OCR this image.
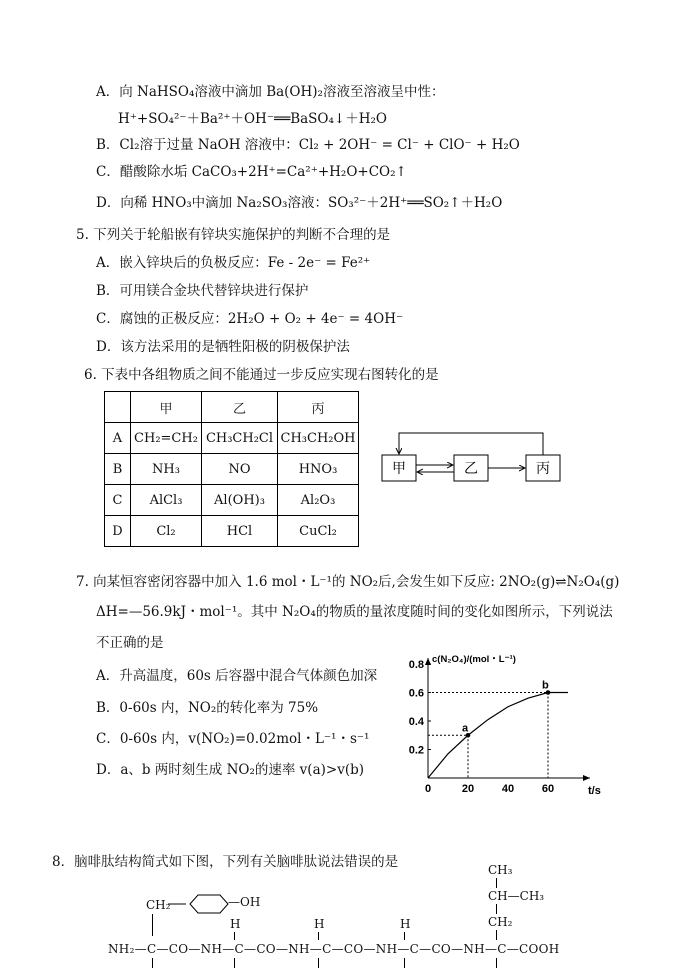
A．向 NaHSO₄溶液中滴加 Ba(OH)₂溶液至溶液呈中性：
H⁺+SO₄²⁻＋Ba²⁺＋OH⁻══BaSO₄↓＋H₂O
B．Cl₂溶于过量 NaOH 溶液中：Cl₂ + 2OH⁻ = Cl⁻ + ClO⁻ + H₂O
C．醋酸除水垢 CaCO₃+2H⁺=Ca²⁺+H₂O+CO₂↑
D．向稀 HNO₃中滴加 Na₂SO₃溶液：SO₃²⁻＋2H⁺══SO₂↑＋H₂O
5. 下列关于轮船嵌有锌块实施保护的判断不合理的是
A．嵌入锌块后的负极反应：Fe - 2e⁻ = Fe²⁺
B．可用镁合金块代替锌块进行保护
C．腐蚀的正极反应：2H₂O + O₂ + 4e⁻ = 4OH⁻
D．该方法采用的是牺牲阳极的阴极保护法
6. 下表中各组物质之间不能通过一步反应实现右图转化的是
	甲	乙	丙
A	CH₂=CH₂	CH₃CH₂Cl	CH₃CH₂OH
B	NH₃	NO	HNO₃
C	AlCl₃	Al(OH)₃	Al₂O₃
D	Cl₂	HCl	CuCl₂
甲	乙	丙
7. 向某恒容密闭容器中加入 1.6 mol・L⁻¹的 NO₂后,会发生如下反应: 2NO₂(g)⇌N₂O₄(g)
ΔH=—56.9kJ・mol⁻¹。其中 N₂O₄的物质的量浓度随时间的变化如图所示，下列说法
不正确的是
A．升高温度，60s 后容器中混合气体颜色加深
B．0-60s 内，NO₂的转化率为 75%
C．0-60s 内，v(NO₂)=0.02mol・L⁻¹・s⁻¹
D．a、b 两时刻生成 NO₂的速率 v(a)>v(b)
0.2
0.4
0.6
0.8
0	20	40	60
c(N₂O₄)/(mol・L⁻¹)
t/s
a
b
8．脑啡肽结构简式如下图，下列有关脑啡肽说法错误的是	CH₃
CH—CH₃
CH₂
CH₂	—OH
H	H	H
NH₂—C—CO—NH—C—CO—NH—C—CO—NH—C—CO—NH—C—COOH
